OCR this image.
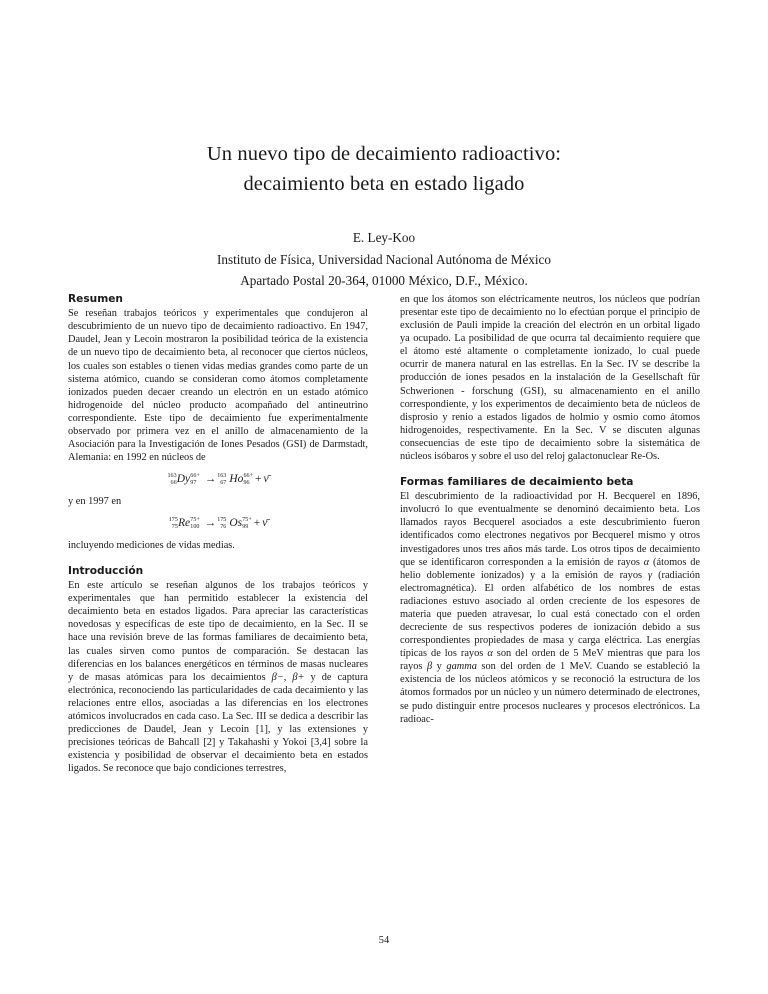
Un nuevo tipo de decaimiento radioactivo:
decaimiento beta en estado ligado
E. Ley-Koo
Instituto de Física, Universidad Nacional Autónoma de México
Apartado Postal 20-364, 01000 México, D.F., México.
Resumen

Se reseñan trabajos teóricos y experimentales que condujeron al descubrimiento de un nuevo tipo de decaimiento radioactivo. En 1947, Daudel, Jean y Lecoin mostraron la posibilidad teórica de la existencia de un nuevo tipo de decaimiento beta, al reconocer que ciertos núcleos, los cuales son estables o tienen vidas medias grandes como parte de un sistema atómico, cuando se consideran como átomos completamente ionizados pueden decaer creando un electrón en un estado atómico hidrogenoide del núcleo producto acompañado del antineutrino correspondiente. Este tipo de decaimiento fue experimentalmente observado por primera vez en el anillo de almacenamiento de la Asociación para la Investigación de Iones Pesados (GSI) de Darmstadt, Alemania: en 1992 en núcleos de

163
66 Dy 66+
97 → 163
67 Ho 66+
96 + ν̄

y en 1997 en

175
75 Re 75+
100 → 175
76 Os 75+
99 + ν̄

incluyendo mediciones de vidas medias.

Introducción

En este artículo se reseñan algunos de los trabajos teóricos y experimentales que han permitido establecer la existencia del decaimiento beta en estados ligados. Para apreciar las características novedosas y específicas de este tipo de decaimiento, en la Sec. II se hace una revisión breve de las formas familiares de decaimiento beta, las cuales sirven como puntos de comparación. Se destacan las diferencias en los balances energéticos en términos de masas nucleares y de masas atómicas para los decaimientos β−, β+ y de captura electrónica, reconociendo las particularidades de cada decaimiento y las relaciones entre ellos, asociadas a las diferencias en los electrones atómicos involucrados en cada caso. La Sec. III se dedica a describir las predicciones de Daudel, Jean y Lecoin [1], y las extensiones y precisiones teóricas de Bahcall [2] y Takahashi y Yokoi [3,4] sobre la existencia y posibilidad de observar el decaimiento beta en estados ligados. Se reconoce que bajo condiciones terrestres,

en que los átomos son eléctricamente neutros, los núcleos que podrían presentar este tipo de decaimiento no lo efectúan porque el principio de exclusión de Pauli impide la creación del electrón en un orbital ligado ya ocupado. La posibilidad de que ocurra tal decaimiento requiere que el átomo esté altamente o completamente ionizado, lo cual puede ocurrir de manera natural en las estrellas. En la Sec. IV se describe la producción de iones pesados en la instalación de la Gesellschaft für Schwerionen - forschung (GSI), su almacenamiento en el anillo correspondiente, y los experimentos de decaimiento beta de núcleos de disprosio y renio a estados ligados de holmio y osmio como átomos hidrogenoides, respectivamente. En la Sec. V se discuten algunas consecuencias de este tipo de decaimiento sobre la sistemática de núcleos isóbaros y sobre el uso del reloj galactonuclear Re-Os.

Formas familiares de decaimiento beta

El descubrimiento de la radioactividad por H. Becquerel en 1896, involucró lo que eventualmente se denominó decaimiento beta. Los llamados rayos Becquerel asociados a este descubrimiento fueron identificados como electrones negativos por Becquerel mismo y otros investigadores unos tres años más tarde. Los otros tipos de decaimiento que se identificaron corresponden a la emisión de rayos α (átomos de helio doblemente ionizados) y a la emisión de rayos γ (radiación electromagnética). El orden alfabético de los nombres de estas radiaciones estuvo asociado al orden creciente de los espesores de materia que pueden atravesar, lo cual está conectado con el orden decreciente de sus respectivos poderes de ionización debido a sus correspondientes propiedades de masa y carga eléctrica. Las energías típicas de los rayos α son del orden de 5 MeV mientras que para los rayos β y gamma son del orden de 1 MeV. Cuando se estableció la existencia de los núcleos atómicos y se reconoció la estructura de los átomos formados por un núcleo y un número determinado de electrones, se pudo distinguir entre procesos nucleares y procesos electrónicos. La radioac-

54
